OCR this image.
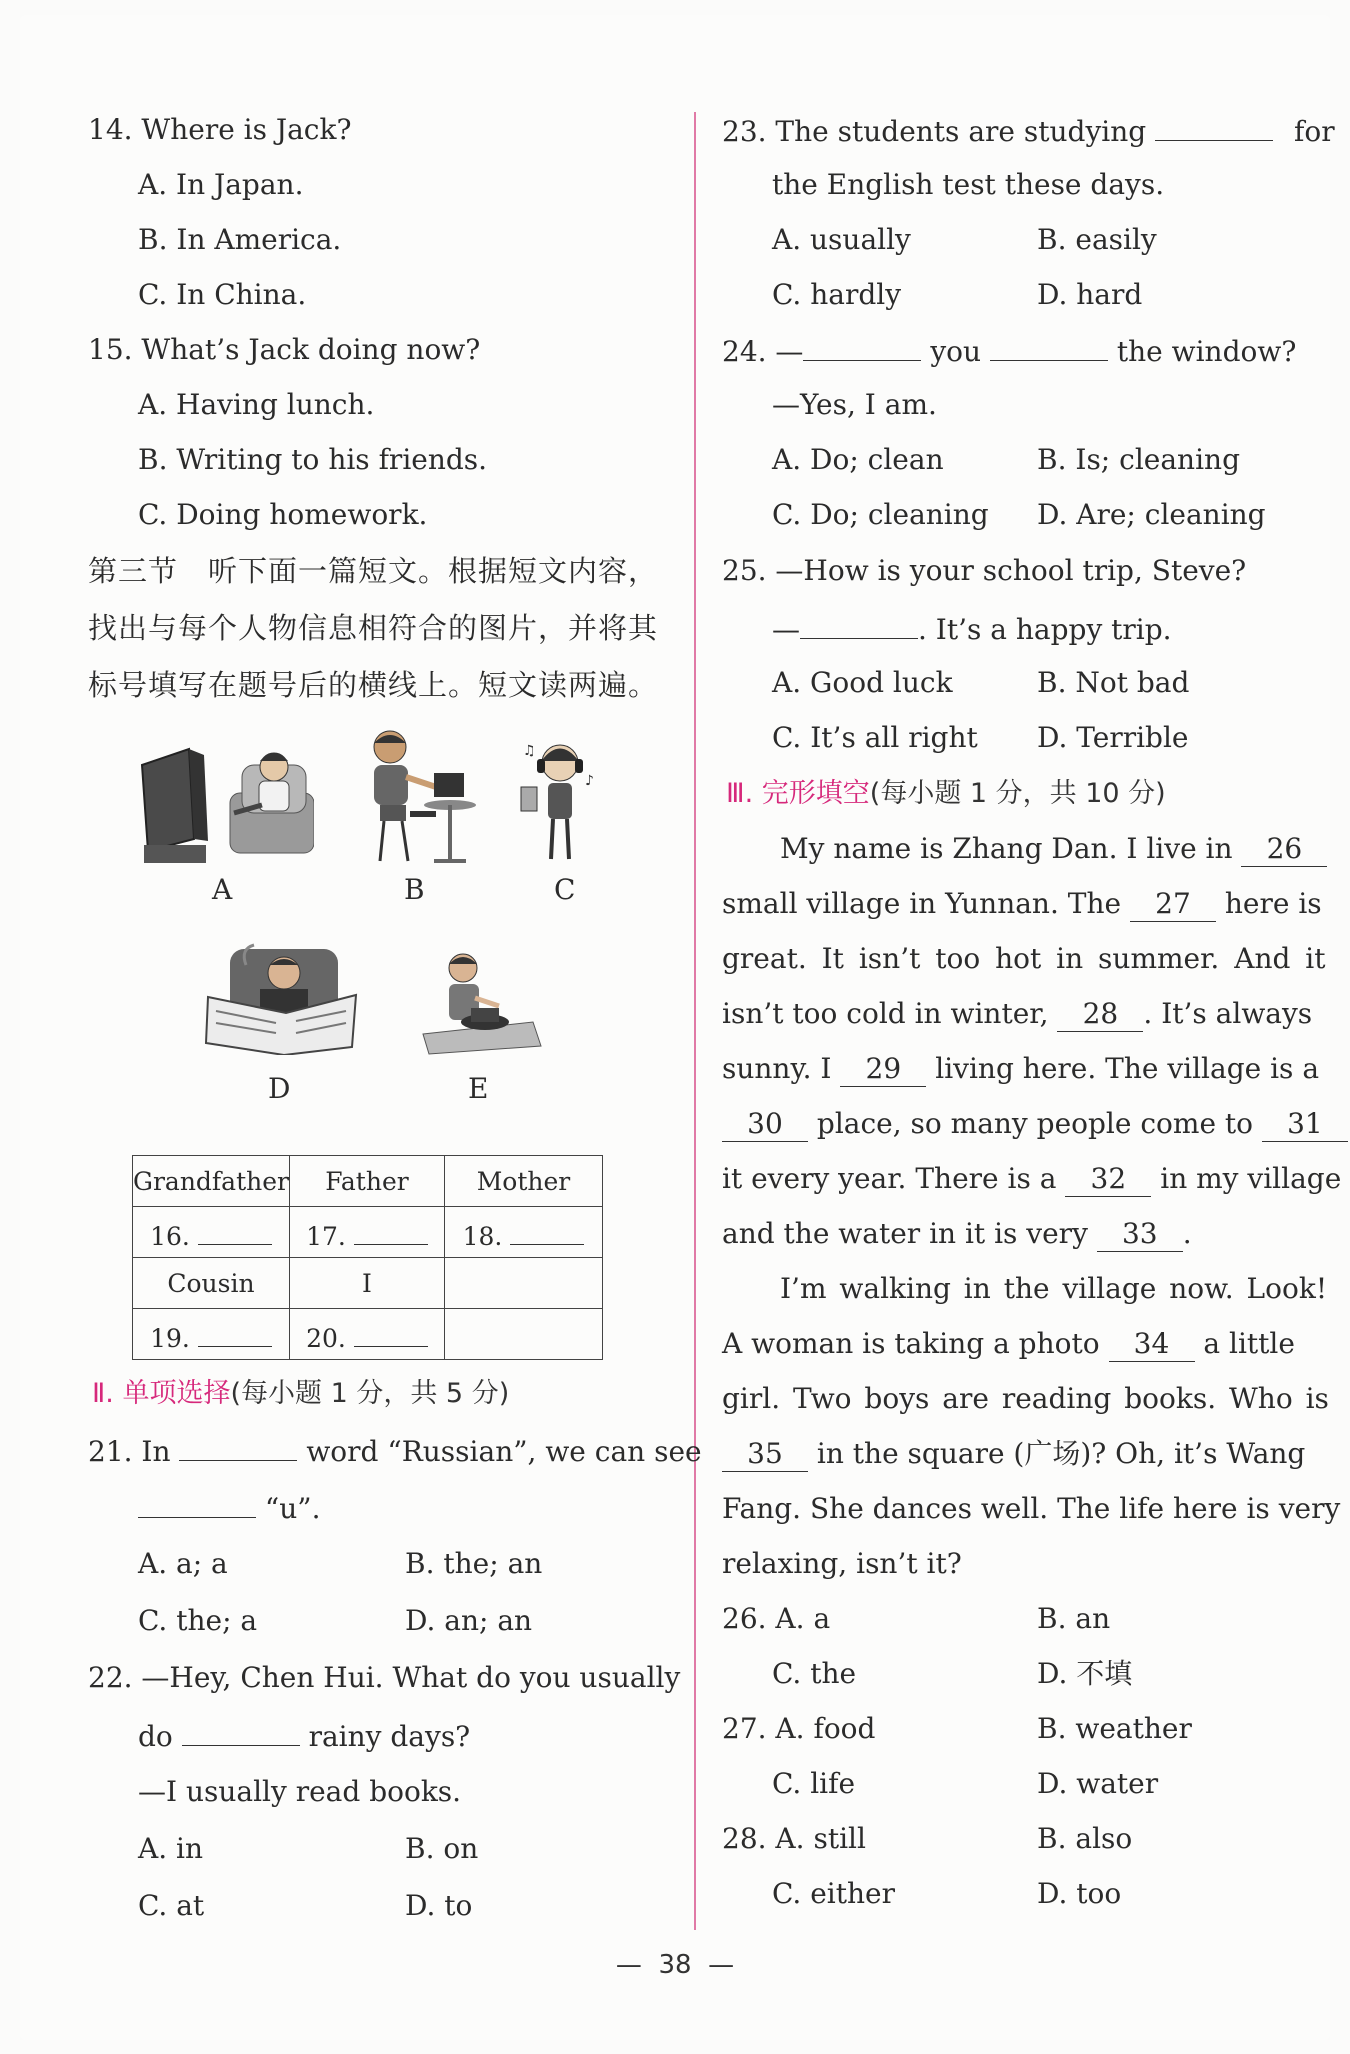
14. Where is Jack?
A. In Japan.
B. In America.
C. In China.
15. What’s Jack doing now?
A. Having lunch.
B. Writing to his friends.
C. Doing homework.
第三节　听下面一篇短文。根据短文内容，
找出与每个人物信息相符合的图片，并将其
标号填写在题号后的横线上。短文读两遍。
A	B
♪
♫
C
D	E
Grandfather	Father	Mother
16.	17.	18.
Cousin	I	
19.	20.	
Ⅱ. 单项选择(每小题 1 分，共 5 分)
21. In	word “Russian”, we can see
“u”.
A. a; a	B. the; an
C. the; a	D. an; an
22. —Hey, Chen Hui. What do you usually
do	rainy days?
—I usually read books.
A. in	B. on
C. at	D. to
23. The students are studying	for
the English test these days.
A. usually	B. easily
C. hardly	D. hard
24. —	you	the window?
—Yes, I am.
A. Do; clean	B. Is; cleaning
C. Do; cleaning D. Are; cleaning
25. —How is your school trip, Steve?
—	. It’s a happy trip.
A. Good luck	B. Not bad
C. It’s all right D. Terrible
Ⅲ. 完形填空(每小题 1 分，共 10 分)
My name is Zhang Dan. I live in 26
small village in Yunnan. The 27 here is
great. It isn’t too hot in summer. And it
isn’t too cold in winter, 28 . It’s always
sunny. I 29 living here. The village is a
30 place, so many people come to 31
it every year. There is a 32 in my village
and the water in it is very 33 .
I’m walking in the village now. Look!
A woman is taking a photo 34 a little
girl. Two boys are reading books. Who is
35 in the square (广场)? Oh, it’s Wang
Fang. She dances well. The life here is very
relaxing, isn’t it?
26. A. a	B. an
C. the	D. 不填
27. A. food	B. weather
C. life	D. water
28. A. still	B. also
C. either	D. too
—  38  —
